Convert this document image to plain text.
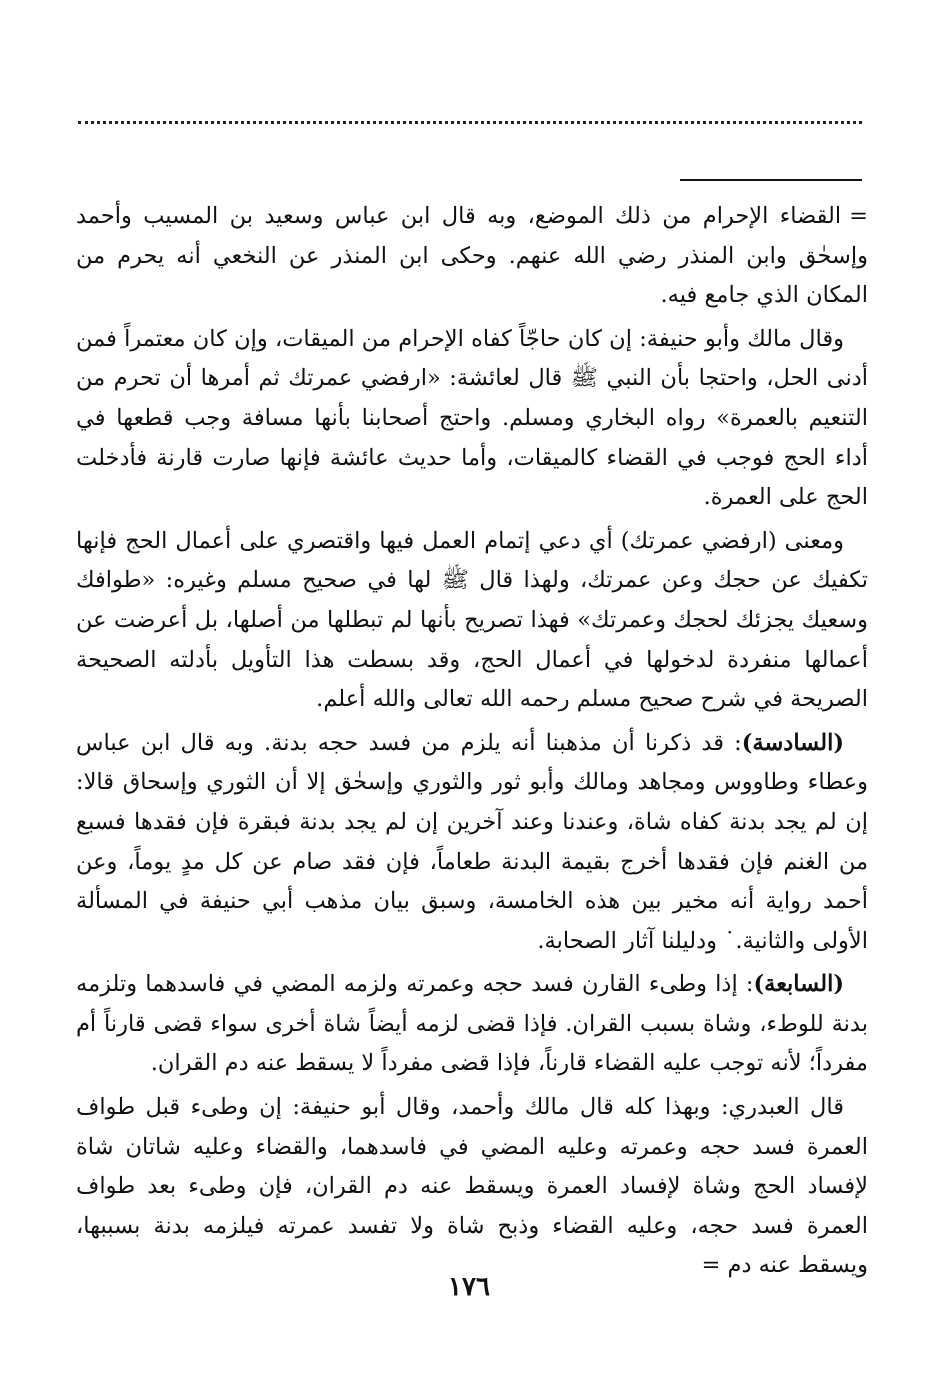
=القضاء الإحرام من ذلك الموضع، وبه قال ابن عباس وسعيد بن المسيب وأحمد وإسحٰق وابن المنذر رضي الله عنهم. وحكى ابن المنذر عن النخعي أنه يحرم من المكان الذي جامع فيه.

وقال مالك وأبو حنيفة: إن كان حاجّاً كفاه الإحرام من الميقات، وإن كان معتمراً فمن أدنى الحل، واحتجا بأن النبي ﷺ قال لعائشة: «ارفضي عمرتك ثم أمرها أن تحرم من التنعيم بالعمرة» رواه البخاري ومسلم. واحتج أصحابنا بأنها مسافة وجب قطعها في أداء الحج فوجب في القضاء كالميقات، وأما حديث عائشة فإنها صارت قارنة فأدخلت الحج على العمرة.

ومعنى (ارفضي عمرتك) أي دعي إتمام العمل فيها واقتصري على أعمال الحج فإنها تكفيك عن حجك وعن عمرتك، ولهذا قال ﷺ لها في صحيح مسلم وغيره: «طوافك وسعيك يجزئك لحجك وعمرتك» فهذا تصريح بأنها لم تبطلها من أصلها، بل أعرضت عن أعمالها منفردة لدخولها في أعمال الحج، وقد بسطت هذا التأويل بأدلته الصحيحة الصريحة في شرح صحيح مسلم رحمه الله تعالى والله أعلم.

(السادسة): قد ذكرنا أن مذهبنا أنه يلزم من فسد حجه بدنة. وبه قال ابن عباس وعطاء وطاووس ومجاهد ومالك وأبو ثور والثوري وإسحٰق إلا أن الثوري وإسحاق قالا: إن لم يجد بدنة كفاه شاة، وعندنا وعند آخرين إن لم يجد بدنة فبقرة فإن فقدها فسبع من الغنم فإن فقدها أخرج بقيمة البدنة طعاماً، فإن فقد صام عن كل مدٍ يوماً، وعن أحمد رواية أنه مخير بين هذه الخامسة، وسبق بيان مذهب أبي حنيفة في المسألة الأولى والثانية.˙ ودليلنا آثار الصحابة.

(السابعة): إذا وطىء القارن فسد حجه وعمرته ولزمه المضي في فاسدهما وتلزمه بدنة للوطء، وشاة بسبب القران. فإذا قضى لزمه أيضاً شاة أخرى سواء قضى قارناً أم مفرداً؛ لأنه توجب عليه القضاء قارناً، فإذا قضى مفرداً لا يسقط عنه دم القران.

قال العبدري: وبهذا كله قال مالك وأحمد، وقال أبو حنيفة: إن وطىء قبل طواف العمرة فسد حجه وعمرته وعليه المضي في فاسدهما، والقضاء وعليه شاتان شاة لإفساد الحج وشاة لإفساد العمرة ويسقط عنه دم القران، فإن وطىء بعد طواف العمرة فسد حجه، وعليه القضاء وذبح شاة ولا تفسد عمرته فيلزمه بدنة بسببها، ويسقط عنه دم =

١٧٦
